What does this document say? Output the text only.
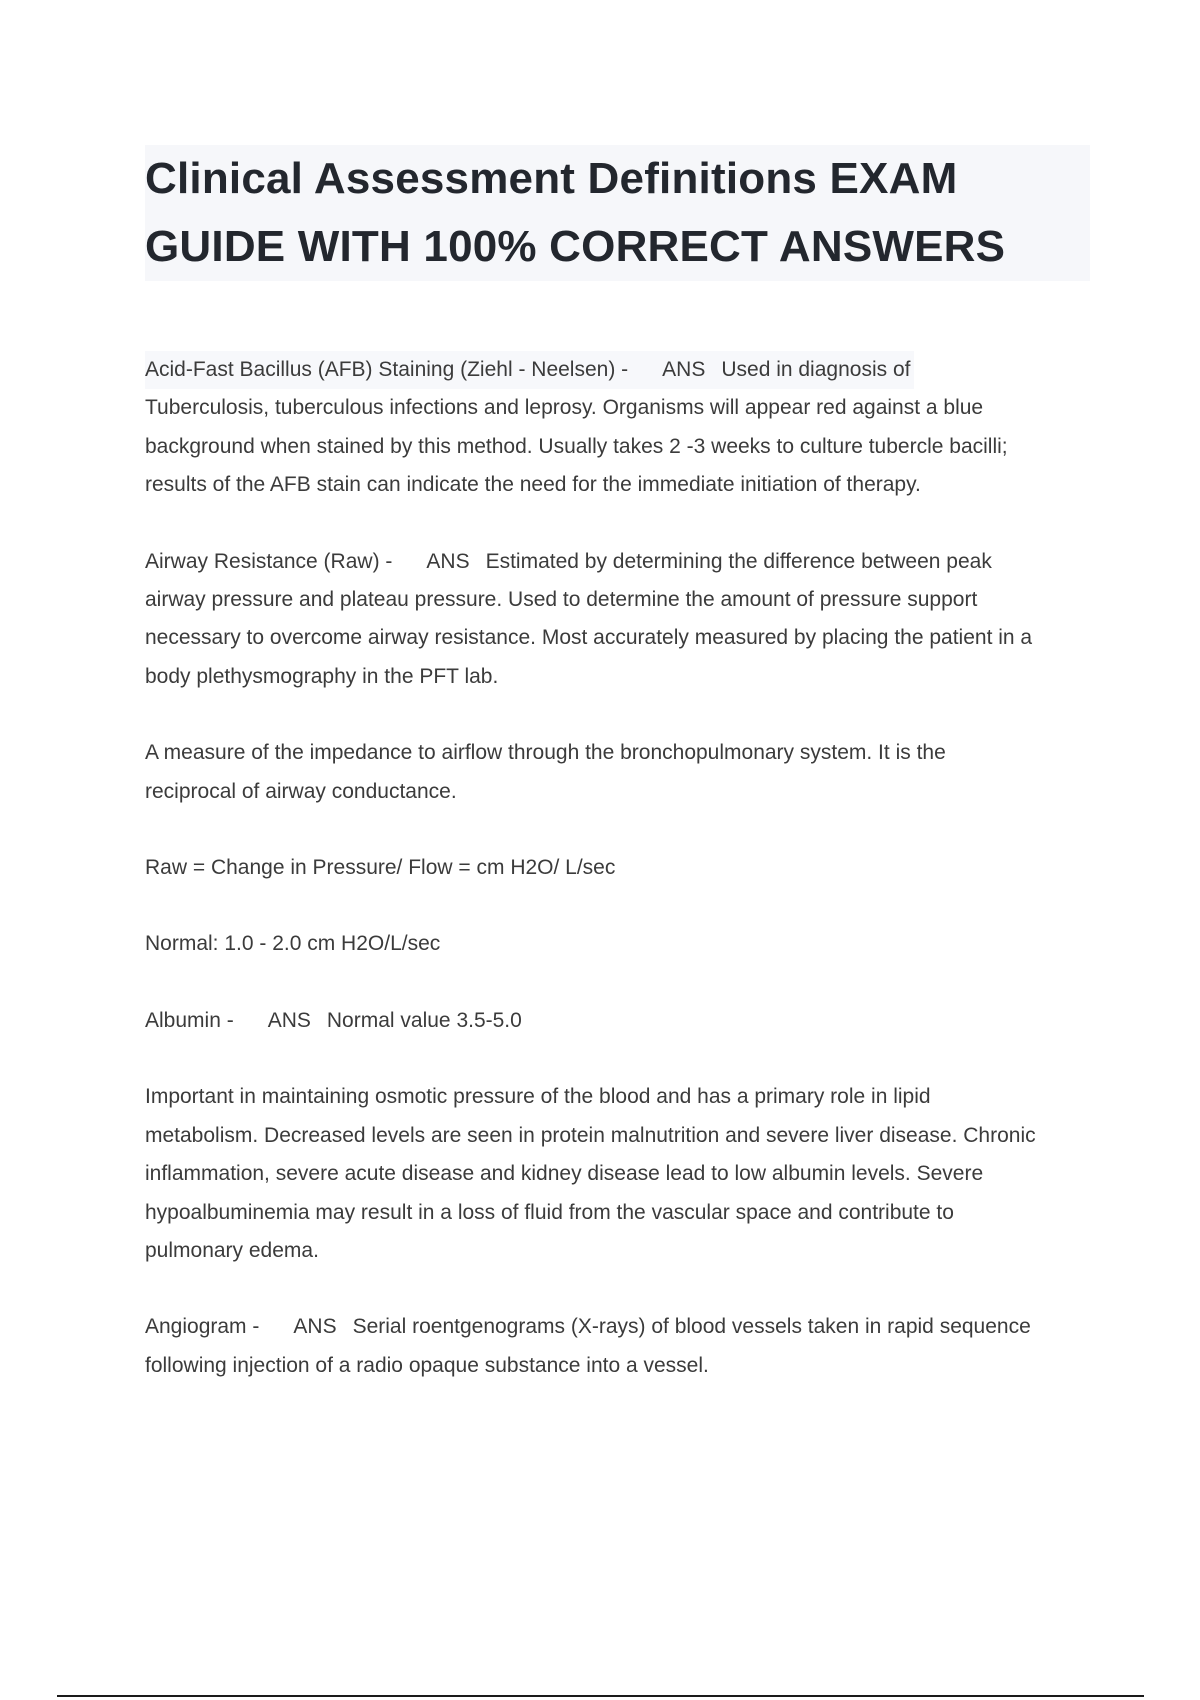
Clinical Assessment Definitions EXAM
GUIDE WITH 100% CORRECT ANSWERS

Acid-Fast Bacillus (AFB) Staining (Ziehl - Neelsen) - ANS Used in diagnosis of
Tuberculosis, tuberculous infections and leprosy. Organisms will appear red against a blue
background when stained by this method. Usually takes 2 -3 weeks to culture tubercle bacilli;
results of the AFB stain can indicate the need for the immediate initiation of therapy.

Airway Resistance (Raw) - ANS Estimated by determining the difference between peak
airway pressure and plateau pressure. Used to determine the amount of pressure support
necessary to overcome airway resistance. Most accurately measured by placing the patient in a
body plethysmography in the PFT lab.

A measure of the impedance to airflow through the bronchopulmonary system. It is the
reciprocal of airway conductance.

Raw = Change in Pressure/ Flow = cm H2O/ L/sec

Normal: 1.0 - 2.0 cm H2O/L/sec

Albumin - ANS Normal value 3.5-5.0

Important in maintaining osmotic pressure of the blood and has a primary role in lipid
metabolism. Decreased levels are seen in protein malnutrition and severe liver disease. Chronic
inflammation, severe acute disease and kidney disease lead to low albumin levels. Severe
hypoalbuminemia may result in a loss of fluid from the vascular space and contribute to
pulmonary edema.

Angiogram - ANS Serial roentgenograms (X-rays) of blood vessels taken in rapid sequence
following injection of a radio opaque substance into a vessel.
